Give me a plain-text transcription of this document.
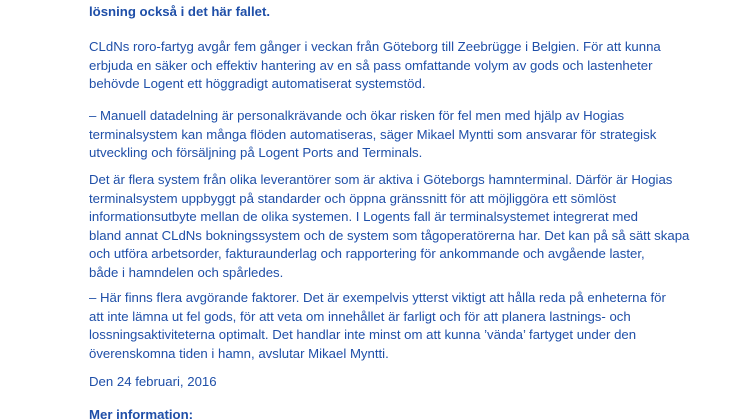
lösning också i det här fallet.

CLdNs roro-fartyg avgår fem gånger i veckan från Göteborg till Zeebrügge i Belgien. För att kunna
erbjuda en säker och effektiv hantering av en så pass omfattande volym av gods och lastenheter
behövde Logent ett höggradigt automatiserat systemstöd.

– Manuell datadelning är personalkrävande och ökar risken för fel men med hjälp av Hogias
terminalsystem kan många flöden automatiseras, säger Mikael Myntti som ansvarar för strategisk
utveckling och försäljning på Logent Ports and Terminals.

Det är flera system från olika leverantörer som är aktiva i Göteborgs hamnterminal. Därför är Hogias
terminalsystem uppbyggt på standarder och öppna gränssnitt för att möjliggöra ett sömlöst
informationsutbyte mellan de olika systemen. I Logents fall är terminalsystemet integrerat med
bland annat CLdNs bokningssystem och de system som tågoperatörerna har. Det kan på så sätt skapa
och utföra arbetsorder, fakturaunderlag och rapportering för ankommande och avgående laster,
både i hamndelen och spårledes.

– Här finns flera avgörande faktorer. Det är exempelvis ytterst viktigt att hålla reda på enheterna för
att inte lämna ut fel gods, för att veta om innehållet är farligt och för att planera lastnings- och
lossningsaktiviteterna optimalt. Det handlar inte minst om att kunna ’vända’ fartyget under den
överenskomna tiden i hamn, avslutar Mikael Myntti.

Den 24 februari, 2016

Mer information:
